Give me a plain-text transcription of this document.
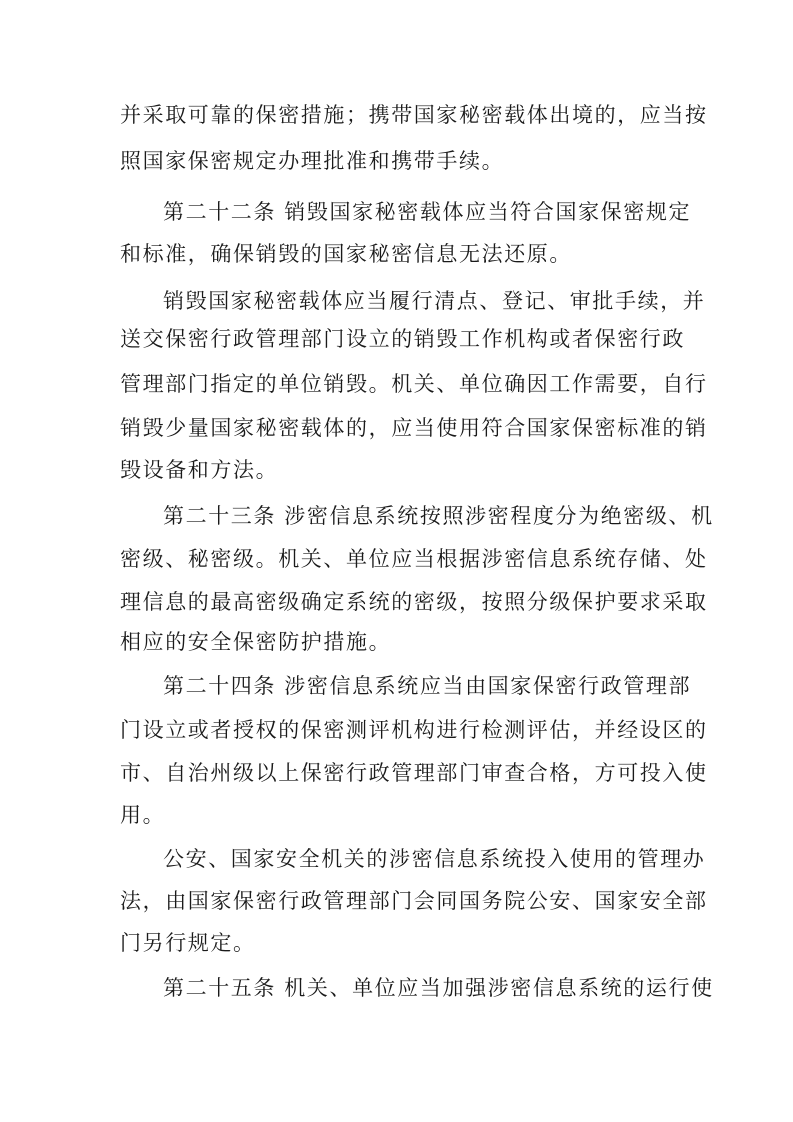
并采取可靠的保密措施；携带国家秘密载体出境的，应当按
照国家保密规定办理批准和携带手续。
第二十二条 销毁国家秘密载体应当符合国家保密规定
和标准，确保销毁的国家秘密信息无法还原。
销毁国家秘密载体应当履行清点、登记、审批手续，并
送交保密行政管理部门设立的销毁工作机构或者保密行政
管理部门指定的单位销毁。机关、单位确因工作需要，自行
销毁少量国家秘密载体的，应当使用符合国家保密标准的销
毁设备和方法。
第二十三条 涉密信息系统按照涉密程度分为绝密级、机
密级、秘密级。机关、单位应当根据涉密信息系统存储、处
理信息的最高密级确定系统的密级，按照分级保护要求采取
相应的安全保密防护措施。
第二十四条 涉密信息系统应当由国家保密行政管理部
门设立或者授权的保密测评机构进行检测评估，并经设区的
市、自治州级以上保密行政管理部门审查合格，方可投入使
用。
公安、国家安全机关的涉密信息系统投入使用的管理办
法，由国家保密行政管理部门会同国务院公安、国家安全部
门另行规定。
第二十五条 机关、单位应当加强涉密信息系统的运行使
